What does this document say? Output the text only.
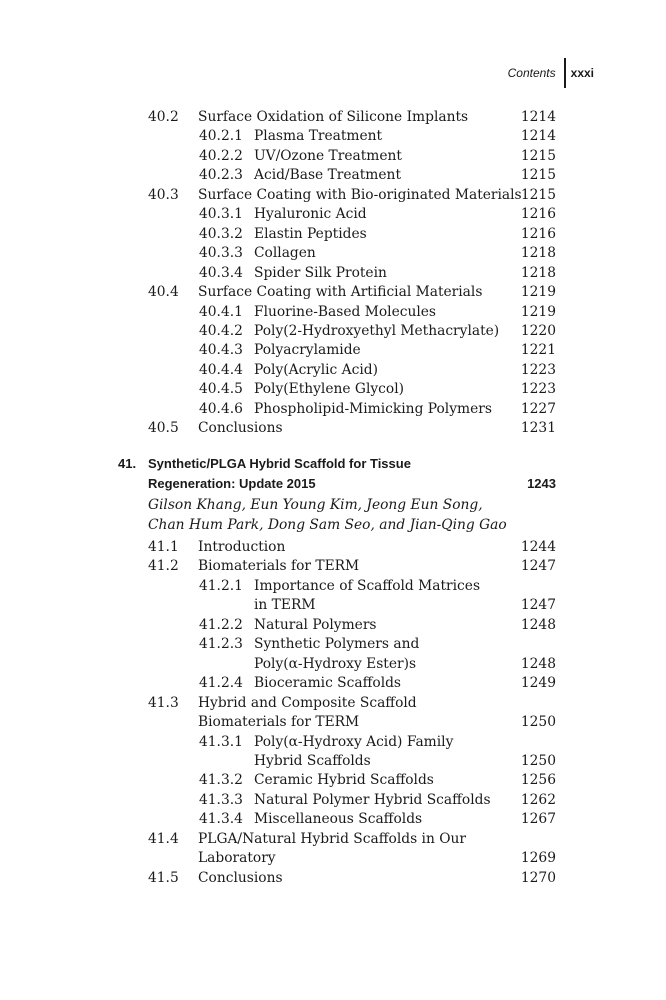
Contents	xxxi
41. Synthetic/PLGA Hybrid Scaffold for Tissue
Regeneration: Update 2015	1243
Gilson Khang, Eun Young Kim, Jeong Eun Song,
Chan Hum Park, Dong Sam Seo, and Jian-Qing Gao
40.2 Surface Oxidation of Silicone Implants	1214
40.2.1 Plasma Treatment	1214
40.2.2 UV/Ozone Treatment	1215
40.2.3 Acid/Base Treatment	1215
40.3 Surface Coating with Bio-originated Materials 1215
40.3.1 Hyaluronic Acid	1216
40.3.2 Elastin Peptides	1216
40.3.3 Collagen	1218
40.3.4 Spider Silk Protein	1218
40.4 Surface Coating with Artificial Materials	1219
40.4.1 Fluorine-Based Molecules	1219
40.4.2 Poly(2-Hydroxyethyl Methacrylate) 1220
40.4.3 Polyacrylamide	1221
40.4.4 Poly(Acrylic Acid)	1223
40.4.5 Poly(Ethylene Glycol)	1223
40.4.6 Phospholipid-Mimicking Polymers 1227
40.5 Conclusions	1231
41.1 Introduction	1244
41.2 Biomaterials for TERM	1247
41.2.1 Importance of Scaffold Matrices
in TERM	1247
41.2.2 Natural Polymers	1248
41.2.3 Synthetic Polymers and
Poly(α-Hydroxy Ester)s	1248
41.2.4 Bioceramic Scaffolds	1249
41.3 Hybrid and Composite Scaffold
Biomaterials for TERM	1250
41.3.1 Poly(α-Hydroxy Acid) Family
Hybrid Scaffolds	1250
41.3.2 Ceramic Hybrid Scaffolds	1256
41.3.3 Natural Polymer Hybrid Scaffolds 1262
41.3.4 Miscellaneous Scaffolds	1267
41.4 PLGA/Natural Hybrid Scaffolds in Our
Laboratory	1269
41.5 Conclusions	1270
